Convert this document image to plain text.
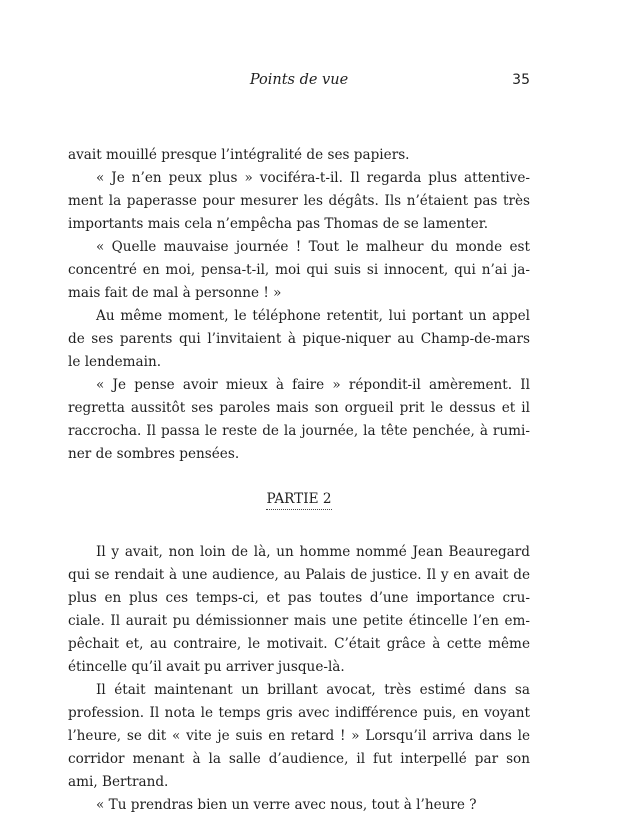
Points de vue	35
avait mouillé presque l’intégralité de ses papiers.
« Je n’en peux plus » vociféra-t-il. Il regarda plus attentive-
ment la paperasse pour mesurer les dégâts. Ils n’étaient pas très
importants mais cela n’empêcha pas Thomas de se lamenter.
« Quelle mauvaise journée ! Tout le malheur du monde est
concentré en moi, pensa-t-il, moi qui suis si innocent, qui n’ai ja-
mais fait de mal à personne ! »
Au même moment, le téléphone retentit, lui portant un appel
de ses parents qui l’invitaient à pique-niquer au Champ-de-mars
le lendemain.
« Je pense avoir mieux à faire » répondit-il amèrement. Il
regretta aussitôt ses paroles mais son orgueil prit le dessus et il
raccrocha. Il passa le reste de la journée, la tête penchée, à rumi-
ner de sombres pensées.
PARTIE 2
Il y avait, non loin de là, un homme nommé Jean Beauregard
qui se rendait à une audience, au Palais de justice. Il y en avait de
plus en plus ces temps-ci, et pas toutes d’une importance cru-
ciale. Il aurait pu démissionner mais une petite étincelle l’en em-
pêchait et, au contraire, le motivait. C’était grâce à cette même
étincelle qu’il avait pu arriver jusque-là.
Il était maintenant un brillant avocat, très estimé dans sa
profession. Il nota le temps gris avec indifférence puis, en voyant
l’heure, se dit « vite je suis en retard ! » Lorsqu’il arriva dans le
corridor menant à la salle d’audience, il fut interpellé par son
ami, Bertrand.
« Tu prendras bien un verre avec nous, tout à l’heure ?
